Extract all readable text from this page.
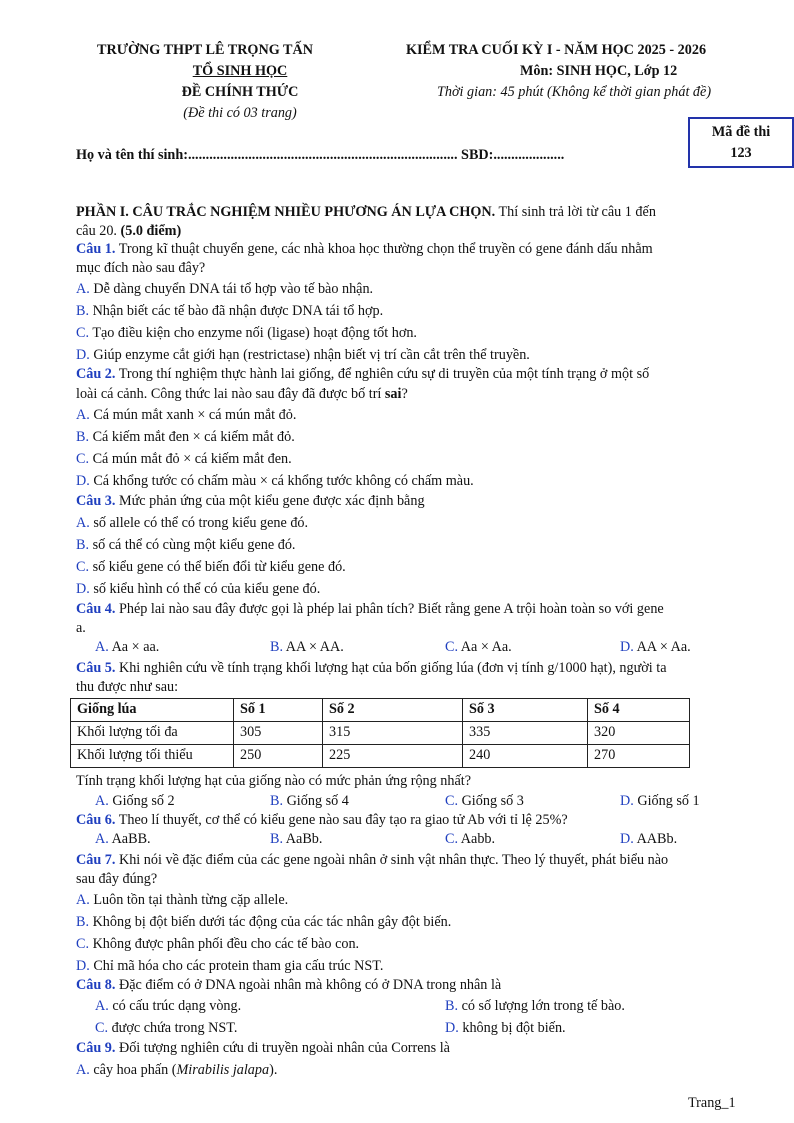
TRƯỜNG THPT LÊ TRỌNG TẤN
TỔ SINH HỌC
ĐỀ CHÍNH THỨC
(Đề thi có 03 trang)
KIỂM TRA CUỐI KỲ I - NĂM HỌC 2025 - 2026
Môn: SINH HỌC, Lớp 12
Thời gian: 45 phút (Không kể thời gian phát đề)
Mã đề thi
123
Họ và tên thí sinh:............................................................................ SBD:....................
PHẦN I. CÂU TRẮC NGHIỆM NHIỀU PHƯƠNG ÁN LỰA CHỌN. Thí sinh trả lời từ câu 1 đến
câu 20. (5.0 điểm)
Câu 1. Trong kĩ thuật chuyển gene, các nhà khoa học thường chọn thể truyền có gene đánh dấu nhằm
mục đích nào sau đây?
A. Dễ dàng chuyển DNA tái tổ hợp vào tế bào nhận.
B. Nhận biết các tế bào đã nhận được DNA tái tổ hợp.
C. Tạo điều kiện cho enzyme nối (ligase) hoạt động tốt hơn.
D. Giúp enzyme cắt giới hạn (restrictase) nhận biết vị trí cần cắt trên thể truyền.
Câu 2. Trong thí nghiệm thực hành lai giống, để nghiên cứu sự di truyền của một tính trạng ở một số
loài cá cảnh. Công thức lai nào sau đây đã được bố trí sai?
A. Cá mún mắt xanh × cá mún mắt đỏ.
B. Cá kiếm mắt đen × cá kiếm mắt đỏ.
C. Cá mún mắt đỏ × cá kiếm mắt đen.
D. Cá khổng tước có chấm màu × cá khổng tước không có chấm màu.
Câu 3. Mức phản ứng của một kiểu gene được xác định bằng
A. số allele có thể có trong kiểu gene đó.
B. số cá thể có cùng một kiểu gene đó.
C. số kiểu gene có thể biến đổi từ kiểu gene đó.
D. số kiểu hình có thể có của kiểu gene đó.
Câu 4. Phép lai nào sau đây được gọi là phép lai phân tích? Biết rằng gene A trội hoàn toàn so với gene
a.
A. Aa × aa.	B. AA × AA.	C. Aa × Aa.	D. AA × Aa.
Câu 5. Khi nghiên cứu về tính trạng khối lượng hạt của bốn giống lúa (đơn vị tính g/1000 hạt), người ta
thu được như sau:
Giống lúa	Số 1	Số 2	Số 3	Số 4
Khối lượng tối đa	305	315	335	320
Khối lượng tối thiểu	250	225	240	270
Tính trạng khối lượng hạt của giống nào có mức phản ứng rộng nhất?
A. Giống số 2	B. Giống số 4	C. Giống số 3	D. Giống số 1
Câu 6. Theo lí thuyết, cơ thể có kiểu gene nào sau đây tạo ra giao tử Ab với tỉ lệ 25%?
A. AaBB.	B. AaBb.	C. Aabb.	D. AABb.
Câu 7. Khi nói về đặc điểm của các gene ngoài nhân ở sinh vật nhân thực. Theo lý thuyết, phát biểu nào
sau đây đúng?
A. Luôn tồn tại thành từng cặp allele.
B. Không bị đột biến dưới tác động của các tác nhân gây đột biến.
C. Không được phân phối đều cho các tế bào con.
D. Chỉ mã hóa cho các protein tham gia cấu trúc NST.
Câu 8. Đặc điểm có ở DNA ngoài nhân mà không có ở DNA trong nhân là
A. có cấu trúc dạng vòng.	B. có số lượng lớn trong tế bào.
C. được chứa trong NST.	D. không bị đột biến.
Câu 9. Đối tượng nghiên cứu di truyền ngoài nhân của Correns là
A. cây hoa phấn (Mirabilis jalapa).
Trang_1
